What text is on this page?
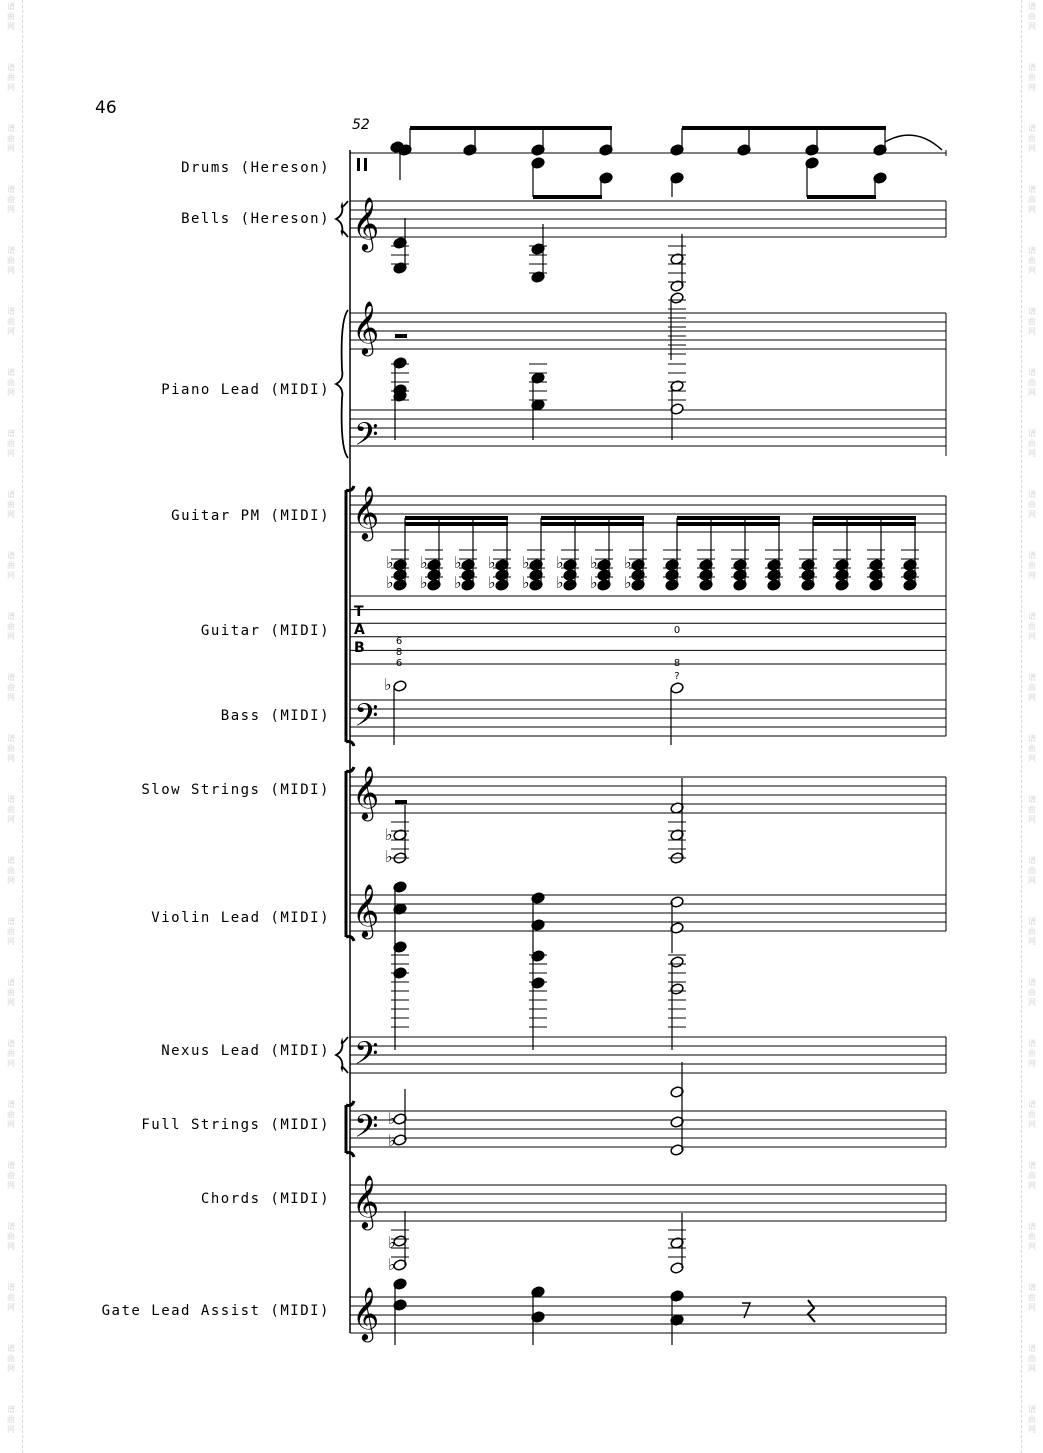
谱曲网
谱曲网
谱曲网
谱曲网
谱曲网
谱曲网
谱曲网
谱曲网
谱曲网
谱曲网
谱曲网
谱曲网
谱曲网
谱曲网
谱曲网
谱曲网
谱曲网
谱曲网
谱曲网
谱曲网
谱曲网
谱曲网
谱曲网
谱曲网
谱曲网
谱曲网
谱曲网
谱曲网
谱曲网
谱曲网
谱曲网
谱曲网
谱曲网
谱曲网
谱曲网
谱曲网
谱曲网
谱曲网
谱曲网
谱曲网
谱曲网
谱曲网
谱曲网
谱曲网
谱曲网
谱曲网
谱曲网
谱曲网
46
52
Drums (Hereson)
Bells (Hereson)
Piano Lead (MIDI)
Guitar PM (MIDI)
Guitar (MIDI)
Bass (MIDI)
Slow Strings (MIDI)
Violin Lead (MIDI)
Nexus Lead (MIDI)
Full Strings (MIDI)
Chords (MIDI)
Gate Lead Assist (MIDI)
𝄞
𝄞
𝄞
𝄞
𝄞
𝄞
𝄞
𝄢
𝄢
𝄢
𝄢
♭
♭
♭
♭
♭
♭
♭
♭
♭
♭
♭
♭
♭
♭
♭
♭
♭
♭
♭
♭
♭
♭
♭
T
A
B	6
8
6
0
8
?
